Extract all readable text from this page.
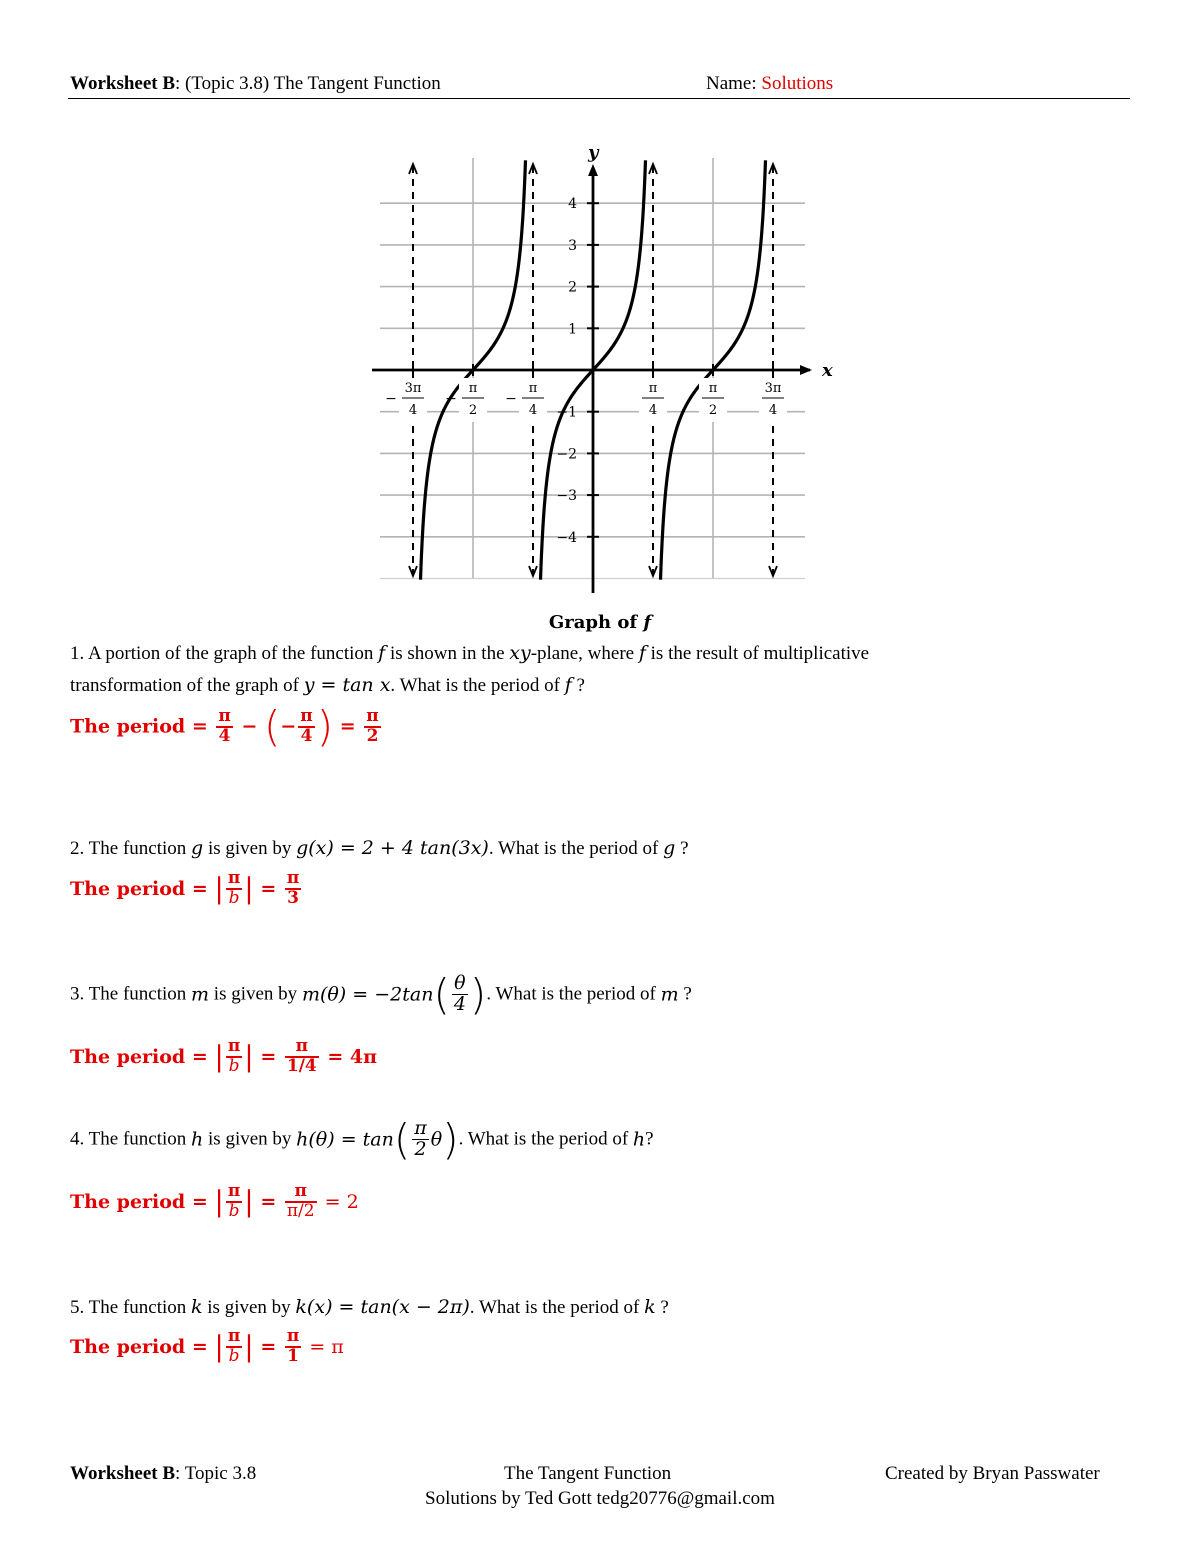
Worksheet B: (Topic 3.8) The Tangent Function	Name: Solutions
x
y
4
3
2
1
−1
−2
−3
−4
3π
4
−
π
2
−
π
4
−
π
4
π
2
3π
4
Graph of f
1. A portion of the graph of the function f is shown in the xy-plane, where f is the result of multiplicative
transformation of the graph of y = tan x. What is the period of f ?
The period = $\frac{\pi}{4}$ − (− $\frac{\pi}{4}$ ) = $\frac{\pi}{2}$
2. The function g is given by g(x) = 2 + 4 tan(3x). What is the period of g ?
The period = | $\frac{\pi}{b}$ | = $\frac{\pi}{3}$
3. The function m is given by $m(\theta) = -2\tan( \frac{\theta}{4}$ ). What is the period of m ?
The period = | $\frac{\pi}{b}$ | = $\frac{\pi}{1/4} = 4\pi$
4. The function h is given by $h(\theta) = \tan( \frac{\pi}{2} \theta)$. What is the period of h?
The period = | $\frac{\pi}{b}$ | = $\frac{\pi}{\pi/2} = 2$
5. The function k is given by k(x) = tan(x − 2π). What is the period of k ?
The period = | $\frac{\pi}{b}$ | = $\frac{\pi}{1} = \pi$
Worksheet B: Topic 3.8	The Tangent Function	Created by Bryan Passwater
Solutions by Ted Gott tedg20776@gmail.com
